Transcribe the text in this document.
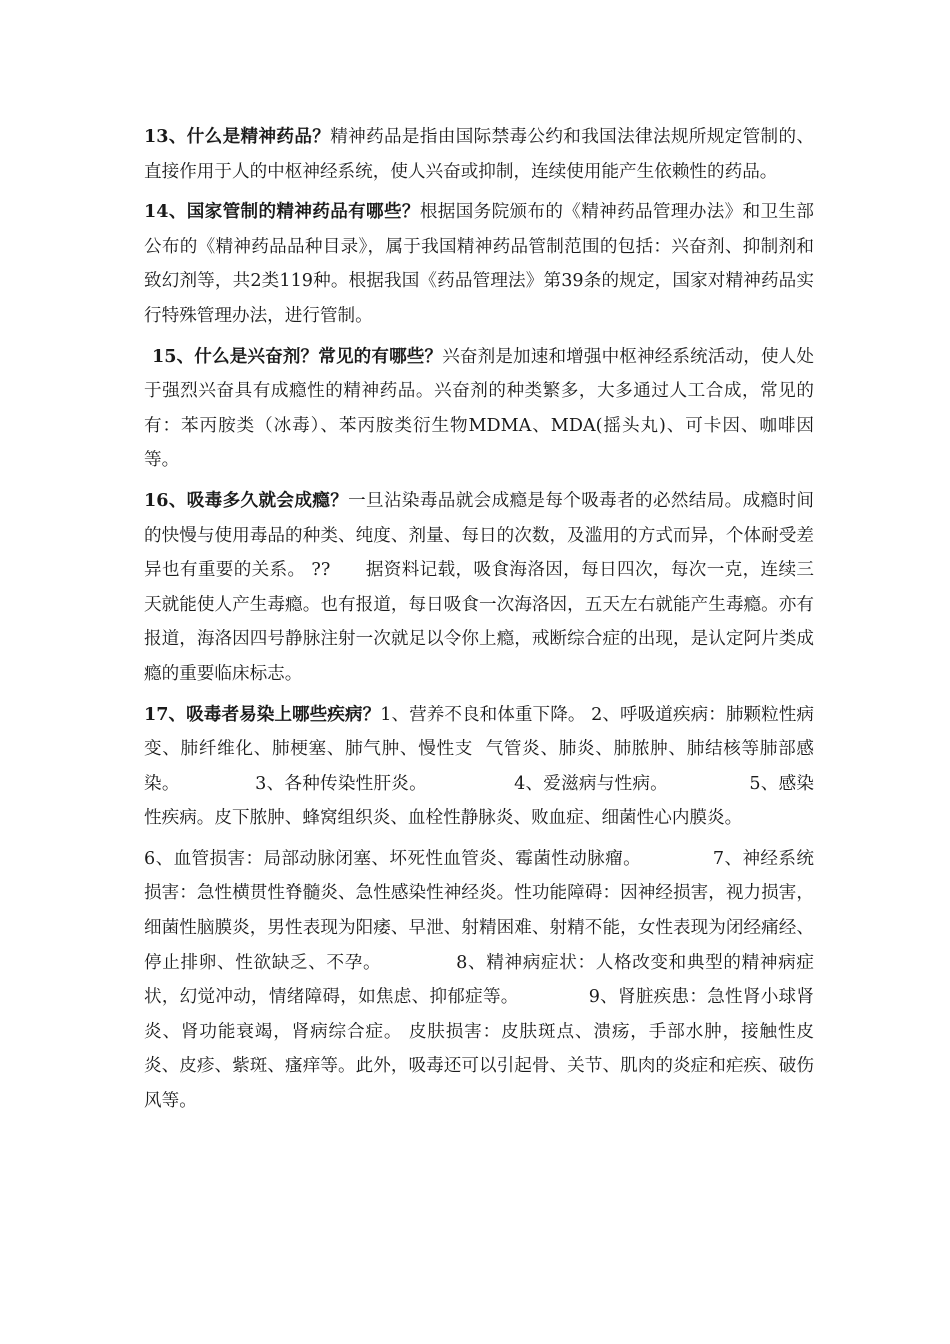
13、什么是精神药品？精神药品是指由国际禁毒公约和我国法律法规所规定管制的、直接作用于人的中枢神经系统，使人兴奋或抑制，连续使用能产生依赖性的药品。

14、国家管制的精神药品有哪些？根据国务院颁布的《精神药品管理办法》和卫生部公布的《精神药品品种目录》，属于我国精神药品管制范围的包括：兴奋剂、抑制剂和致幻剂等，共2类119种。根据我国《药品管理法》第39条的规定，国家对精神药品实行特殊管理办法，进行管制。

15、什么是兴奋剂？常见的有哪些？兴奋剂是加速和增强中枢神经系统活动，使人处于强烈兴奋具有成瘾性的精神药品。兴奋剂的种类繁多，大多通过人工合成，常见的有：苯丙胺类（冰毒）、苯丙胺类衍生物MDMA、MDA(摇头丸)、可卡因、咖啡因等。

16、吸毒多久就会成瘾？一旦沾染毒品就会成瘾是每个吸毒者的必然结局。成瘾时间的快慢与使用毒品的种类、纯度、剂量、每日的次数，及滥用的方式而异，个体耐受差异也有重要的关系。 ??      据资料记载，吸食海洛因，每日四次，每次一克，连续三天就能使人产生毒瘾。也有报道，每日吸食一次海洛因，五天左右就能产生毒瘾。亦有报道，海洛因四号静脉注射一次就足以令你上瘾，戒断综合症的出现，是认定阿片类成瘾的重要临床标志。

17、吸毒者易染上哪些疾病？1、营养不良和体重下降。 2、呼吸道疾病：肺颗粒性病变、肺纤维化、肺梗塞、肺气肿、慢性支  气管炎、肺炎、肺脓肿、肺结核等肺部感染。             3、各种传染性肝炎。               4、爱滋病与性病。              5、感染性疾病。皮下脓肿、蜂窝组织炎、血栓性静脉炎、败血症、细菌性心内膜炎。

6、血管损害：局部动脉闭塞、坏死性血管炎、霉菌性动脉瘤。            7、神经系统损害：急性横贯性脊髓炎、急性感染性神经炎。性功能障碍：因神经损害，视力损害，细菌性脑膜炎，男性表现为阳痿、早泄、射精困难、射精不能，女性表现为闭经痛经、停止排卵、性欲缺乏、不孕。            8、精神病症状：人格改变和典型的精神病症状，幻觉冲动，情绪障碍，如焦虑、抑郁症等。            9、肾脏疾患：急性肾小球肾炎、肾功能衰竭，肾病综合症。 皮肤损害：皮肤斑点、溃疡，手部水肿，接触性皮炎、皮疹、紫斑、瘙痒等。此外，吸毒还可以引起骨、关节、肌肉的炎症和疟疾、破伤风等。
